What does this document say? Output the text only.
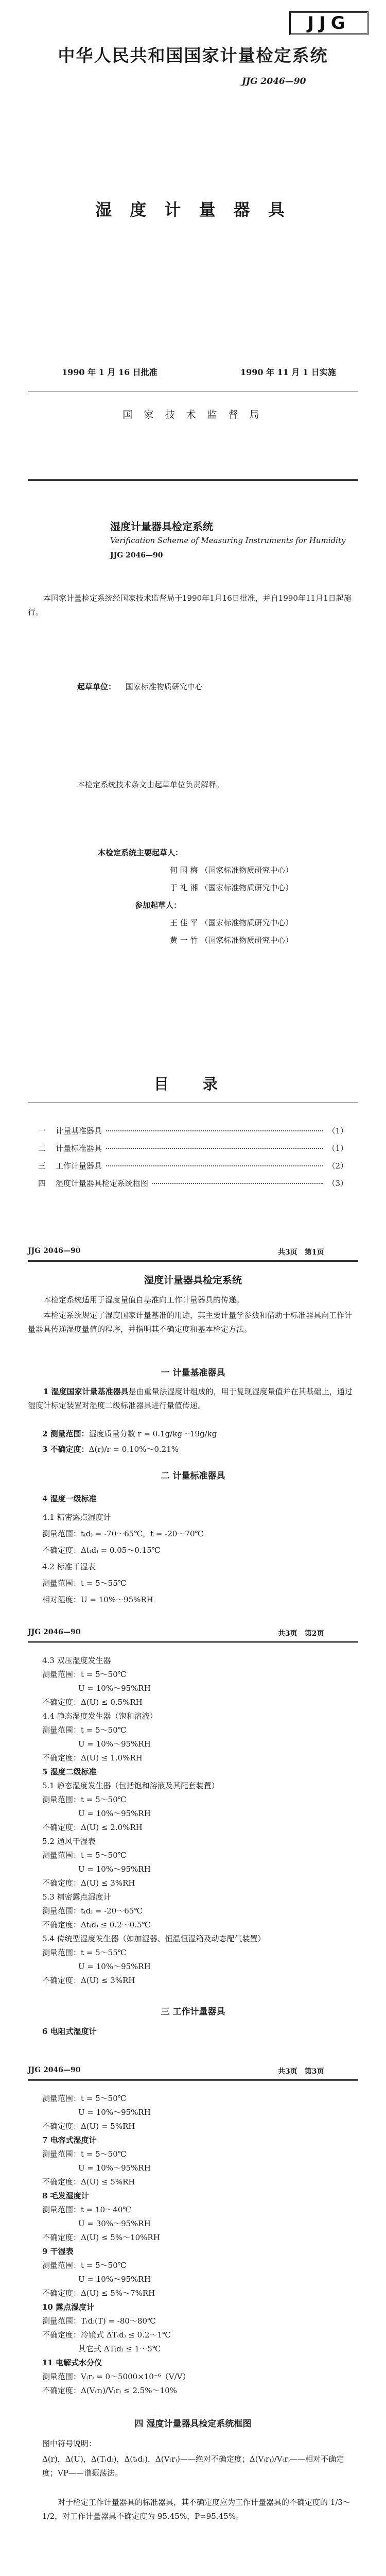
JJG
中华人民共和国国家计量检定系统
JJG 2046—90
湿 度 计 量 器 具
1990 年 1 月 16 日批准	1990 年 11 月 1 日实施
国 家 技 术 监 督 局
湿度计量器具检定系统
Verification Scheme of Measuring Instruments for Humidity
JJG 2046—90
本国家计量检定系统经国家技术监督局于1990年1月16日批准，并自1990年11月1日起施行。
起草单位： 国家标准物质研究中心
本检定系统技术条文由起草单位负责解释。
本检定系统主要起草人：
何 国 梅 （国家标准物质研究中心）
于 礼 湘 （国家标准物质研究中心）
参加起草人：
王 佳 平 （国家标准物质研究中心）
黄 一 竹 （国家标准物质研究中心）
目 录
一	计量基准器具	（1）
二	计量标准器具	（1）
三	工作计量器具	（2）
四	湿度计量器具检定系统框图	（3）
JJG 2046—90	共3页　第1页
湿度计量器具检定系统
本检定系统适用于湿度量值自基准向工作计量器具的传递。
本检定系统规定了湿度国家计量基准的用途，其主要计量学参数和借助于标准器具向工作计量器具传递湿度量值的程序，并指明其不确定度和基本检定方法。
一 计量基准器具
1 湿度国家计量基准器具是由重量法湿度计组成的，用于复现湿度量值并在其基础上，通过湿度计标定装置对湿度二级标准器具进行量值传递。
2 测量范围：湿度质量分数 r = 0.1g/kg～19g/kg
3 不确定度：Δ(r)/r = 0.10%～0.21%
二 计量标准器具
4 湿度一级标准
4.1 精密露点湿度计
测量范围：t₍d₎ = -70～65℃，t = -20～70℃
不确定度：Δt₍d₎ = 0.05～0.15℃
4.2 标准干湿表
测量范围：t = 5～55℃
相对湿度：U = 10%～95%RH
JJG 2046—90	共3页　第2页
4.3 双压湿度发生器
测量范围：t = 5～50℃
U = 10%～95%RH
不确定度：Δ(U) ≤ 0.5%RH
4.4 静态湿度发生器（饱和溶液）
测量范围：t = 5～50℃
U = 10%～95%RH
不确定度：Δ(U) ≤ 1.0%RH
5 湿度二级标准
5.1 静态湿度发生器（包括饱和溶液及其配套装置）
测量范围：t = 5～50℃
U = 10%～95%RH
不确定度：Δ(U) ≤ 2.0%RH
5.2 通风干湿表
测量范围：t = 5～50℃
U = 10%～95%RH
不确定度：Δ(U) ≤ 3%RH
5.3 精密露点湿度计
测量范围：t₍d₎ = -20～65℃
不确定度：Δt₍d₎ ≤ 0.2～0.5℃
5.4 传统型湿度发生器（如加湿器、恒温恒湿箱及动态配气装置）
测量范围：t = 5～55℃
U = 10%～95%RH
不确定度：Δ(U) ≤ 3%RH
三 工作计量器具
6 电阻式湿度计
JJG 2046—90	共3页　第3页
测量范围：t = 5～50℃
U = 10%～95%RH
不确定度：Δ(U) = 5%RH
7 电容式湿度计
测量范围：t = 5～50℃
U = 10%～95%RH
不确定度：Δ(U) ≤ 5%RH
8 毛发湿度计
测量范围：t = 10～40℃
U = 30%～95%RH
不确定度：Δ(U) ≤ 5%～10%RH
9 干湿表
测量范围：t = 5～50℃
U = 10%～95%RH
不确定度：Δ(U) ≤ 5%～7%RH
10 露点湿度计
测量范围：T₍d₎(T) = -80～80℃
不确定度：冷镜式 ΔT₍d₎ ≤ 0.2～1℃
其它式 ΔT₍d₎ ≤ 1～5℃
11 电解式水分仪
测量范围：V₍r₎ = 0～5000×10⁻⁶（V/V）
不确定度：Δ(V₍r₎)/V₍r₎ ≤ 2.5%～10%
四 湿度计量器具检定系统框图
图中符号说明：
Δ(r)，Δ(U)，Δ(T₍d₎)，Δ(t₍d₎)，Δ(V₍r₎)——绝对不确定度；Δ(V₍r₎)/V₍r₎——相对不确定度；VP——谱振荡法。
对于检定工作计量器具的标准器具，其不确定度应为工作计量器具的不确定度的 1/3～1/2，对工作计量器具不确定度为 95.45%，P=95.45%。
